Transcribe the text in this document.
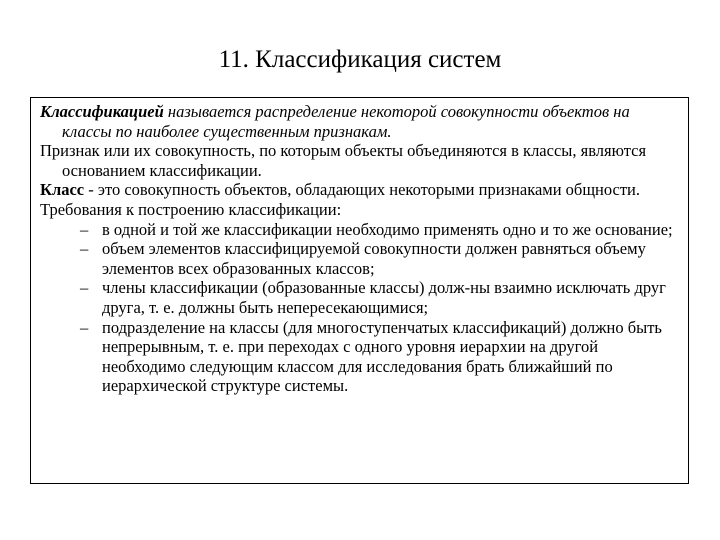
11. Классификация систем

Классификацией называется распределение некоторой совокупности объектов на классы по наиболее существенным признакам.

Признак или их совокупность, по которым объекты объединяются в классы, являются основанием классификации.

Класс - это совокупность объектов, обладающих некоторыми признаками общности.

Требования к построению классификации:

– в одной и той же классификации необходимо применять одно и то же основание;
– объем элементов классифицируемой совокупности должен равняться объему элементов всех образованных классов;
– члены классификации (образованные классы) долж-ны взаимно исключать друг друга, т. е. должны быть непересекающимися;
– подразделение на классы (для многоступенчатых классификаций) должно быть непрерывным, т. е. при переходах с одного уровня иерархии на другой необходимо следующим классом для исследования брать ближайший по иерархической структуре системы.
